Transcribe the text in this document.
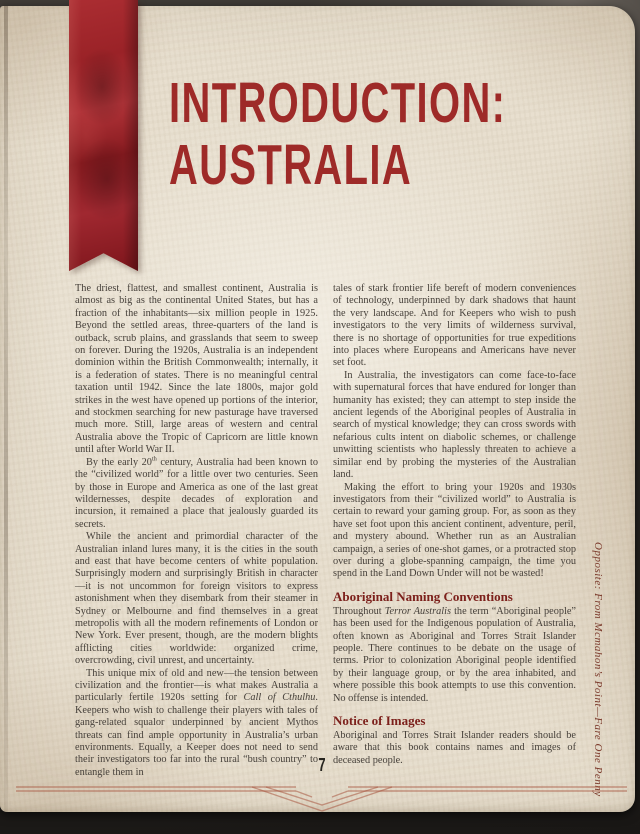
INTRODUCTION:
AUSTRALIA

The driest, flattest, and smallest continent, Australia is almost as big as the continental United States, but has a fraction of the inhabitants—six million people in 1925. Beyond the settled areas, three-quarters of the land is outback, scrub plains, and grasslands that seem to sweep on forever. During the 1920s, Australia is an independent dominion within the British Commonwealth; internally, it is a federation of states. There is no meaningful central taxation until 1942. Since the late 1800s, major gold strikes in the west have opened up portions of the interior, and stockmen searching for new pasturage have traversed much more. Still, large areas of western and central Australia above the Tropic of Capricorn are little known until after World War II.

By the early 20th century, Australia had been known to the “civilized world” for a little over two centuries. Seen by those in Europe and America as one of the last great wildernesses, despite decades of exploration and incursion, it remained a place that jealously guarded its secrets.

While the ancient and primordial character of the Australian inland lures many, it is the cities in the south and east that have become centers of white population. Surprisingly modern and surprisingly British in character—it is not uncommon for foreign visitors to express astonishment when they disembark from their steamer in Sydney or Melbourne and find themselves in a great metropolis with all the modern refinements of London or New York. Ever present, though, are the modern blights afflicting cities worldwide: organized crime, overcrowding, civil unrest, and uncertainty.

This unique mix of old and new—the tension between civilization and the frontier—is what makes Australia a particularly fertile 1920s setting for Call of Cthulhu. Keepers who wish to challenge their players with tales of gang-related squalor underpinned by ancient Mythos threats can find ample opportunity in Australia’s urban environments. Equally, a Keeper does not need to send their investigators too far into the rural “bush country” to entangle them in

tales of stark frontier life bereft of modern conveniences of technology, underpinned by dark shadows that haunt the very landscape. And for Keepers who wish to push investigators to the very limits of wilderness survival, there is no shortage of opportunities for true expeditions into places where Europeans and Americans have never set foot.

In Australia, the investigators can come face-to-face with supernatural forces that have endured for longer than humanity has existed; they can attempt to step inside the ancient legends of the Aboriginal peoples of Australia in search of mystical knowledge; they can cross swords with nefarious cults intent on diabolic schemes, or challenge unwitting scientists who haplessly threaten to achieve a similar end by probing the mysteries of the Australian land.

Making the effort to bring your 1920s and 1930s investigators from their “civilized world” to Australia is certain to reward your gaming group. For, as soon as they have set foot upon this ancient continent, adventure, peril, and mystery abound. Whether run as an Australian campaign, a series of one-shot games, or a protracted stop over during a globe-spanning campaign, the time you spend in the Land Down Under will not be wasted!

Aboriginal Naming Conventions

Throughout Terror Australis the term “Aboriginal people” has been used for the Indigenous population of Australia, often known as Aboriginal and Torres Strait Islander people. There continues to be debate on the usage of terms. Prior to colonization Aboriginal people identified by their language group, or by the area inhabited, and where possible this book attempts to use this convention. No offense is intended.

Notice of Images

Aboriginal and Torres Strait Islander readers should be aware that this book contains names and images of deceased people.	Opposite: From Mcmahon’s Point—Fare One Penny
7
